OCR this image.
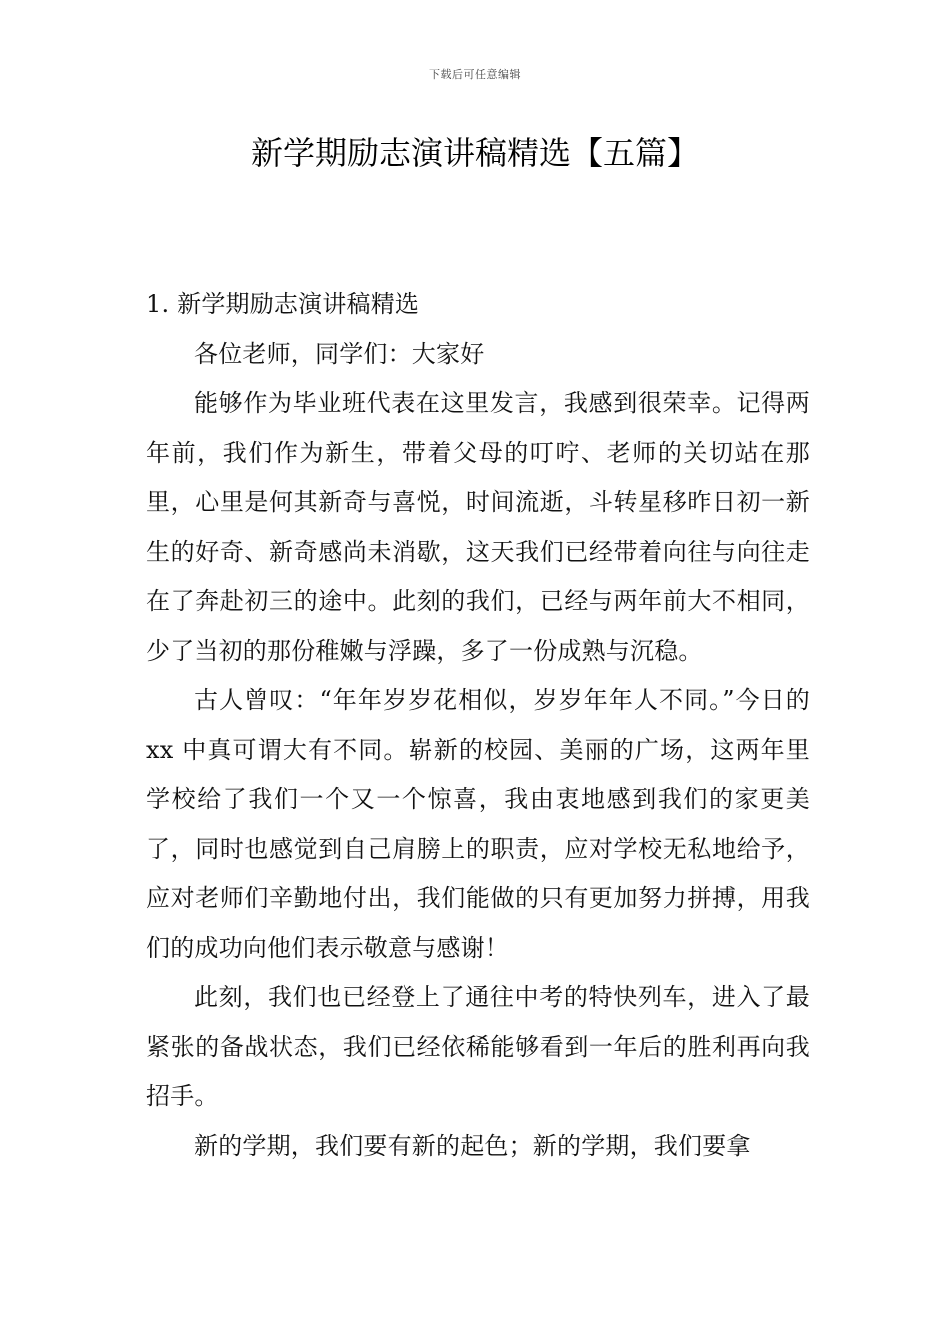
下载后可任意编辑
新学期励志演讲稿精选【五篇】

1. 新学期励志演讲稿精选

各位老师，同学们：大家好

能够作为毕业班代表在这里发言，我感到很荣幸。记得两年前，我们作为新生，带着父母的叮咛、老师的关切站在那里，心里是何其新奇与喜悦，时间流逝，斗转星移昨日初一新生的好奇、新奇感尚未消歇，这天我们已经带着向往与向往走在了奔赴初三的途中。此刻的我们，已经与两年前大不相同，少了当初的那份稚嫩与浮躁，多了一份成熟与沉稳。

古人曾叹：“年年岁岁花相似，岁岁年年人不同。”今日的 xx 中真可谓大有不同。崭新的校园、美丽的广场，这两年里学校给了我们一个又一个惊喜，我由衷地感到我们的家更美了，同时也感觉到自己肩膀上的职责，应对学校无私地给予，应对老师们辛勤地付出，我们能做的只有更加努力拼搏，用我们的成功向他们表示敬意与感谢！

此刻，我们也已经登上了通往中考的特快列车，进入了最紧张的备战状态，我们已经依稀能够看到一年后的胜利再向我招手。

新的学期，我们要有新的起色；新的学期，我们要拿
